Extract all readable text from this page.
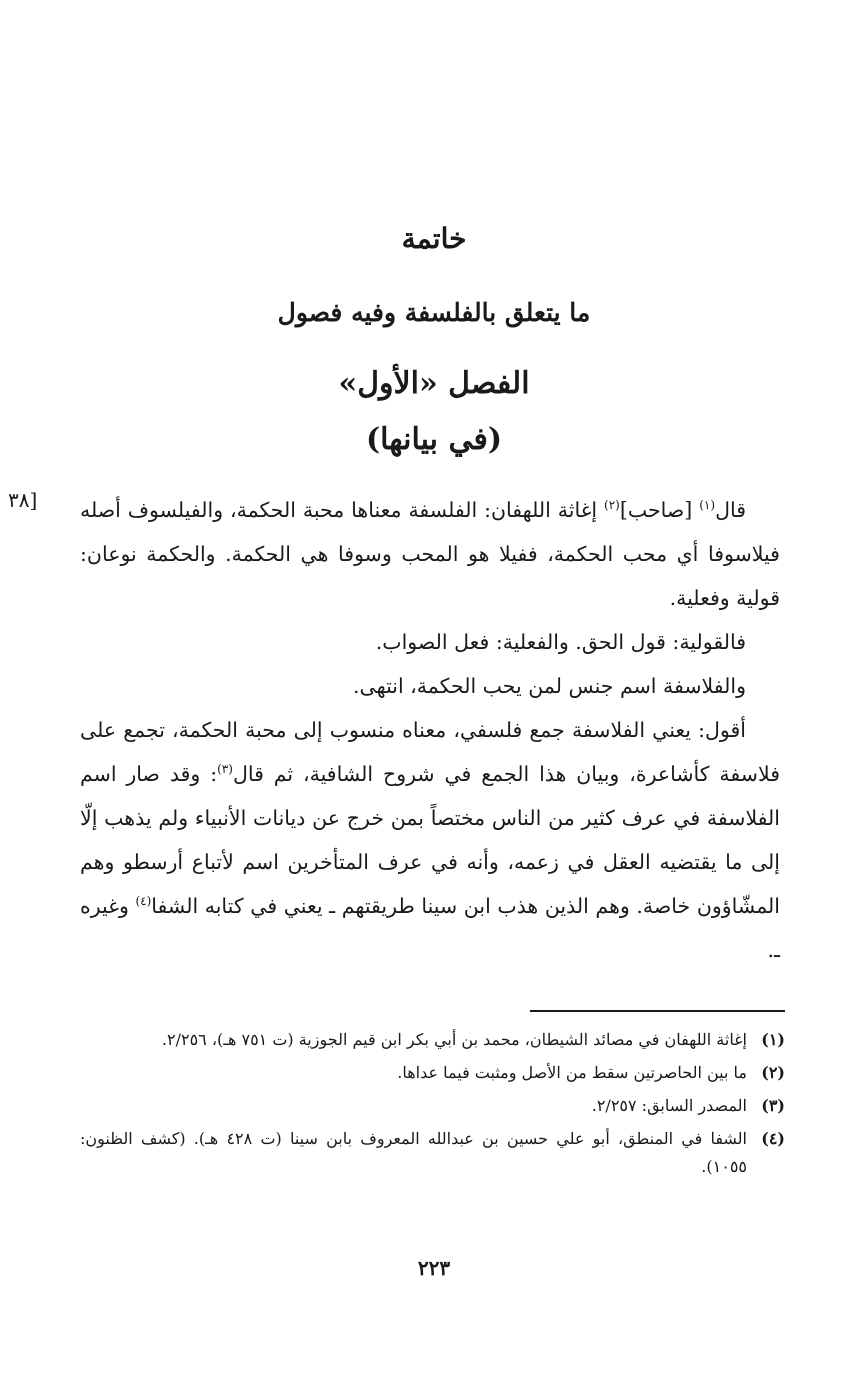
خاتمة
ما يتعلق بالفلسفة وفيه فصول
الفصل «الأول»
(في بيانها)
٣٨]	قال$^{(١)}$ [صاحب]$^{(٢)}$ إغاثة اللهفان: الفلسفة معناها محبة الحكمة، والفيلسوف أصله فيلاسوفا أي محب الحكمة، ففيلا هو المحب وسوفا هي الحكمة. والحكمة نوعان: قولية وفعلية.

فالقولية: قول الحق. والفعلية: فعل الصواب.

والفلاسفة اسم جنس لمن يحب الحكمة، انتهى.

أقول: يعني الفلاسفة جمع فلسفي، معناه منسوب إلى محبة الحكمة، تجمع على فلاسفة كأشاعرة، وبيان هذا الجمع في شروح الشافية، ثم قال$^{(٣)}$: وقد صار اسم الفلاسفة في عرف كثير من الناس مختصاً بمن خرج عن ديانات الأنبياء ولم يذهب إلّا إلى ما يقتضيه العقل في زعمه، وأنه في عرف المتأخرين اسم لأتباع أرسطو وهم المشّاؤون خاصة. وهم الذين هذب ابن سينا طريقتهم ـ يعني في كتابه الشفا$^{(٤)}$ وغيره ـ.

(١)
إغاثة اللهفان في مصائد الشيطان، محمد بن أبي بكر ابن قيم الجوزية (ت ٧٥١ هـ)، ٢/٢٥٦.
(٢)
ما بين الحاصرتين سقط من الأصل ومثبت فيما عداها.
(٣)
المصدر السابق: ٢/٢٥٧.
(٤)
الشفا في المنطق، أبو علي حسين بن عبدالله المعروف بابن سينا (ت ٤٢٨ هـ). (كشف الظنون: ١٠٥٥).
٢٢٣
